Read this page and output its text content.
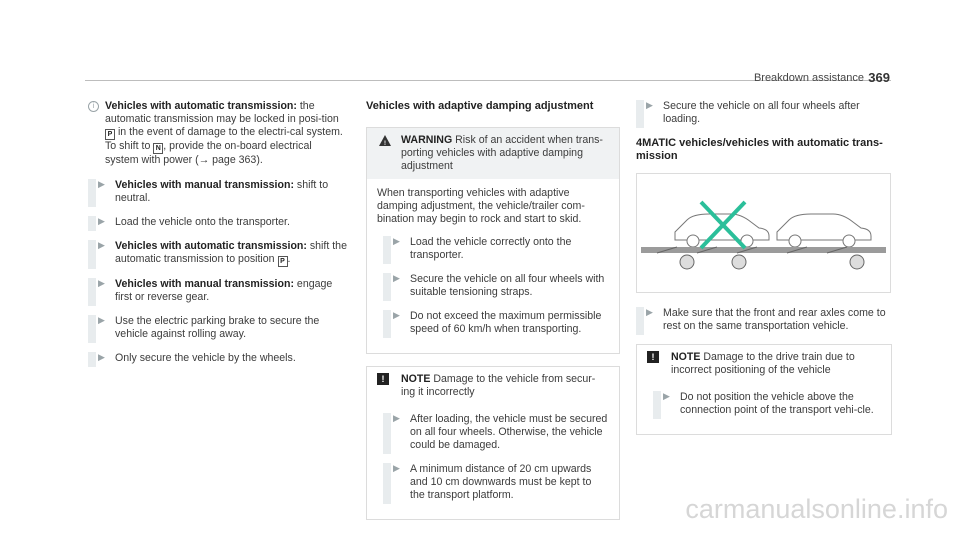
Breakdown assistance 369
i Vehicles with automatic transmission: the automatic transmission may be locked in posi-tion P in the event of damage to the electri-cal system. To shift to N , provide the on-board electrical system with power (→ page 363).
▶ Vehicles with manual transmission: shift to neutral.
▶ Load the vehicle onto the transporter.
▶ Vehicles with automatic transmission: shift the automatic transmission to position P .
▶ Vehicles with manual transmission: engage first or reverse gear.
▶ Use the electric parking brake to secure the vehicle against rolling away.
▶ Only secure the vehicle by the wheels.
Vehicles with adaptive damping adjustment
! WARNING Risk of an accident when trans-porting vehicles with adaptive damping adjustment
When transporting vehicles with adaptive damping adjustment, the vehicle/trailer com-bination may begin to rock and start to skid.
▶ Load the vehicle correctly onto the transporter.
▶ Secure the vehicle on all four wheels with suitable tensioning straps.
▶ Do not exceed the maximum permissible speed of 60 km/h when transporting.
!	NOTE Damage to the vehicle from secur-ing it incorrectly
▶ After loading, the vehicle must be secured on all four wheels. Otherwise, the vehicle could be damaged.
▶ A minimum distance of 20 cm upwards and 10 cm downwards must be kept to the transport platform.
▶ Secure the vehicle on all four wheels after loading.
4MATIC vehicles/vehicles with automatic trans-mission
▶ Make sure that the front and rear axles come to rest on the same transportation vehicle.
!	NOTE Damage to the drive train due to incorrect positioning of the vehicle
▶ Do not position the vehicle above the connection point of the transport vehi-cle.
carmanualsonline.info
